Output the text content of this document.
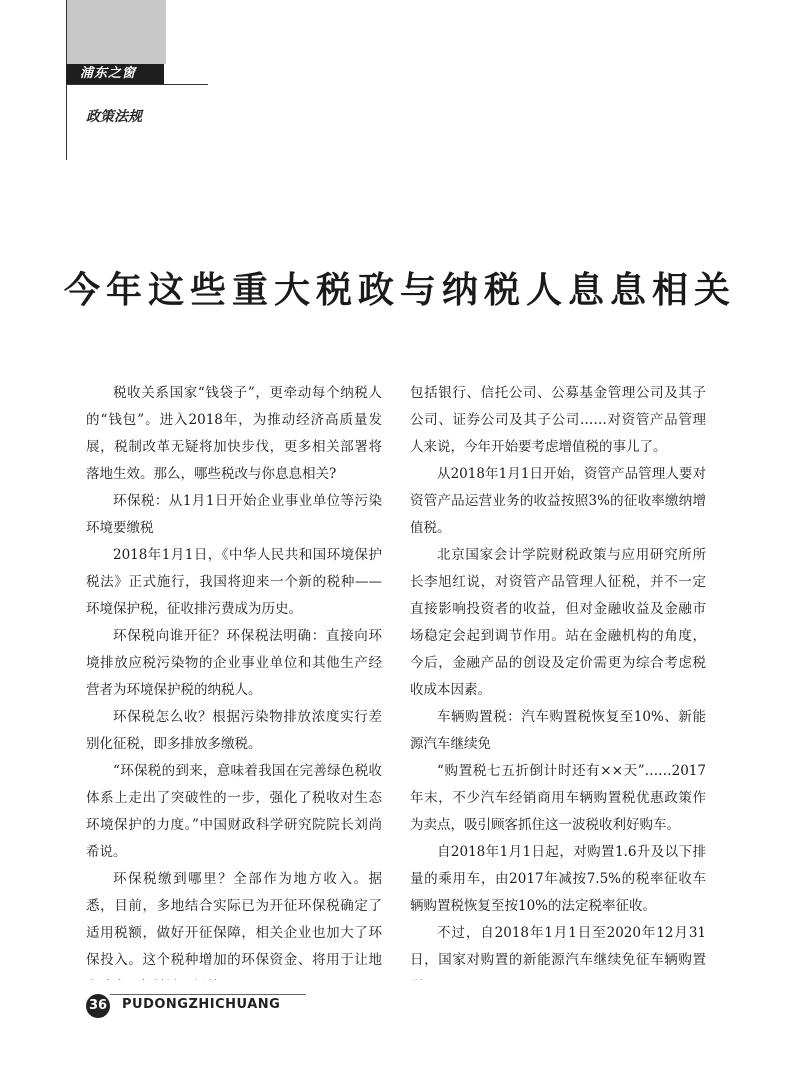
浦东之窗
政策法规
今年这些重大税政与纳税人息息相关

税收关系国家“钱袋子”，更牵动每个纳税人的“钱包”。进入2018年，为推动经济高质量发展，税制改革无疑将加快步伐，更多相关部署将落地生效。那么，哪些税改与你息息相关?

环保税：从1月1日开始企业事业单位等污染环境要缴税

2018年1月1日，《中华人民共和国环境保护税法》正式施行，我国将迎来一个新的税种——环境保护税，征收排污费成为历史。

环保税向谁开征？环保税法明确：直接向环境排放应税污染物的企业事业单位和其他生产经营者为环境保护税的纳税人。

环保税怎么收？根据污染物排放浓度实行差别化征税，即多排放多缴税。

“环保税的到来，意味着我国在完善绿色税收体系上走出了突破性的一步，强化了税收对生态环境保护的力度。”中国财政科学研究院院长刘尚希说。

环保税缴到哪里？全部作为地方收入。据悉，目前，多地结合实际已为开征环保税确定了适用税额，做好开征保障，相关企业也加大了环保投入。这个税种增加的环保资金、将用于让地

包括银行、信托公司、公募基金管理公司及其子公司、证券公司及其子公司……对资管产品管理人来说，今年开始要考虑增值税的事儿了。

从2018年1月1日开始，资管产品管理人要对资管产品运营业务的收益按照3%的征收率缴纳增值税。

北京国家会计学院财税政策与应用研究所所长李旭红说，对资管产品管理人征税，并不一定直接影响投资者的收益，但对金融收益及金融市场稳定会起到调节作用。站在金融机构的角度，今后，金融产品的创设及定价需更为综合考虑税收成本因素。

车辆购置税：汽车购置税恢复至10%、新能源汽车继续免

“购置税七五折倒计时还有××天”……2017年末，不少汽车经销商用车辆购置税优惠政策作为卖点，吸引顾客抓住这一波税收利好购车。

自2018年1月1日起，对购置1.6升及以下排量的乘用车，由2017年减按7.5%的税率征收车辆购置税恢复至按10%的法定税率征收。

不过，自2018年1月1日至2020年12月31日，国家对购置的新能源汽车继续免征车辆购置

36 PUDONGZHICHUANG
